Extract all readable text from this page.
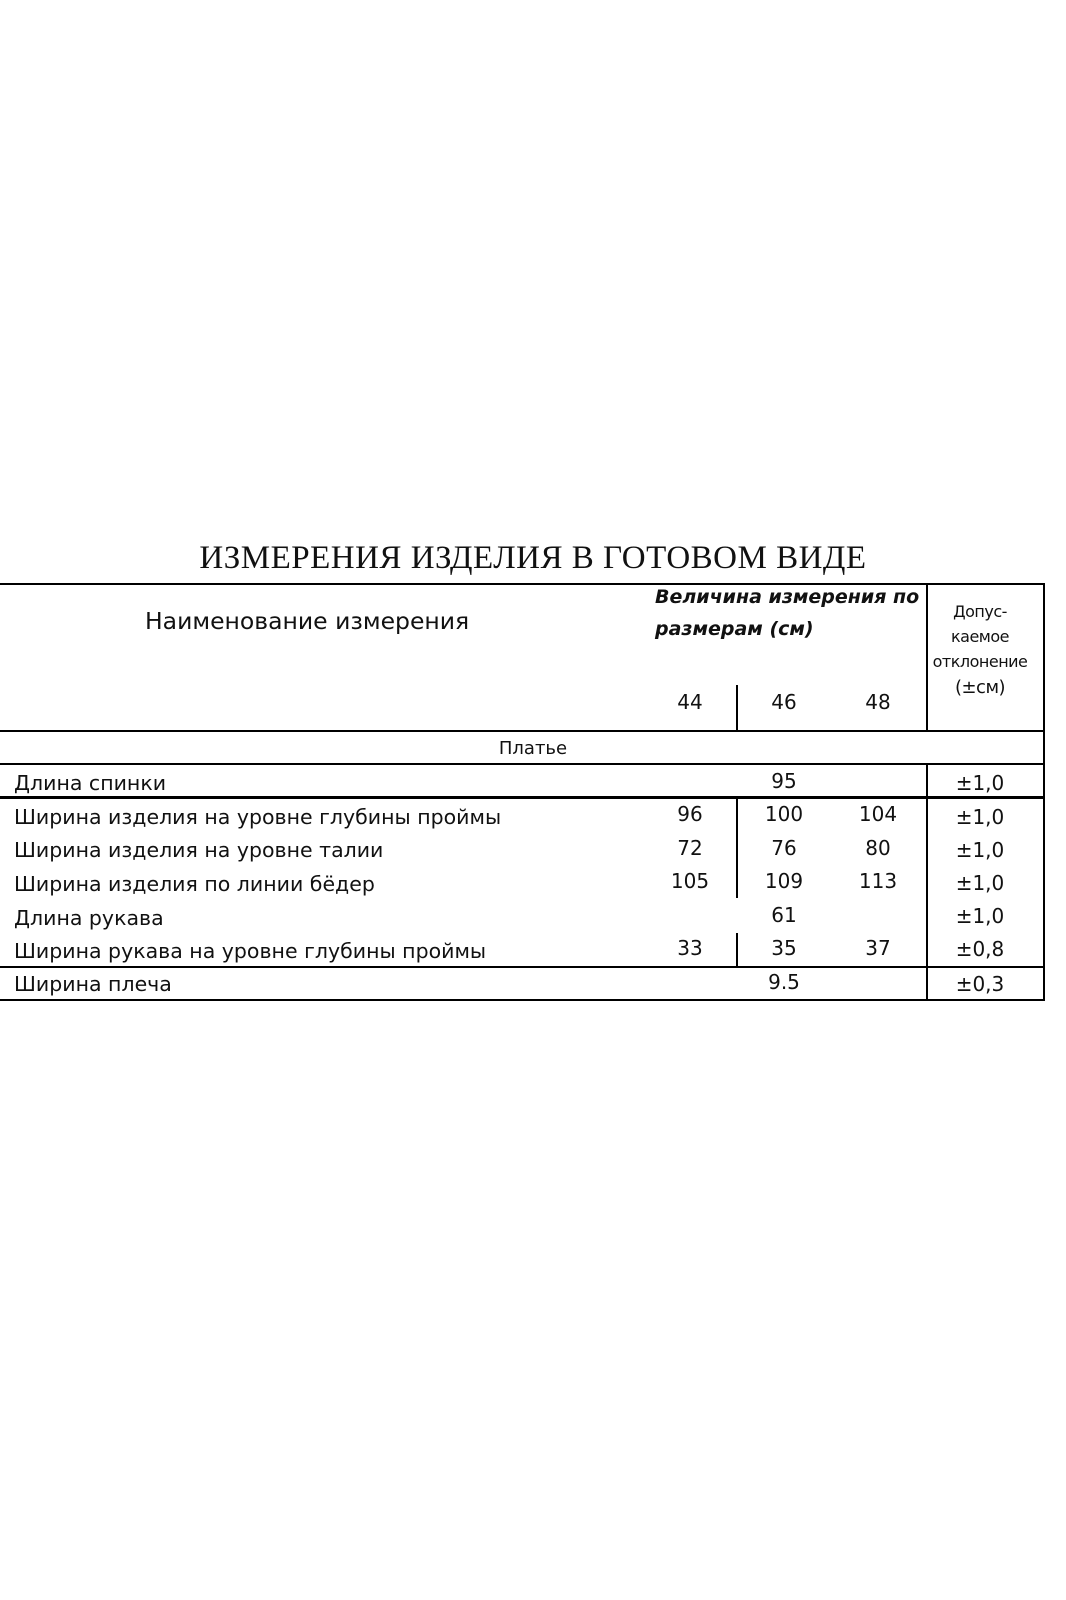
ИЗМЕРЕНИЯ ИЗДЕЛИЯ В ГОТОВОМ ВИДЕ
Наименование измерения
Величина измерения по
размерам (см)
Допус-
каемое
отклонение
(±см)
44	46	48
Платье
Длина спинки	95	±1,0
Ширина изделия на уровне глубины проймы	96	100	104	±1,0
Ширина изделия на уровне талии	72	76	80	±1,0
Ширина изделия по линии бёдер	105	109	113	±1,0
Длина рукава	61	±1,0
Ширина рукава на уровне глубины проймы	33	35	37	±0,8
Ширина плеча	9.5	±0,3
